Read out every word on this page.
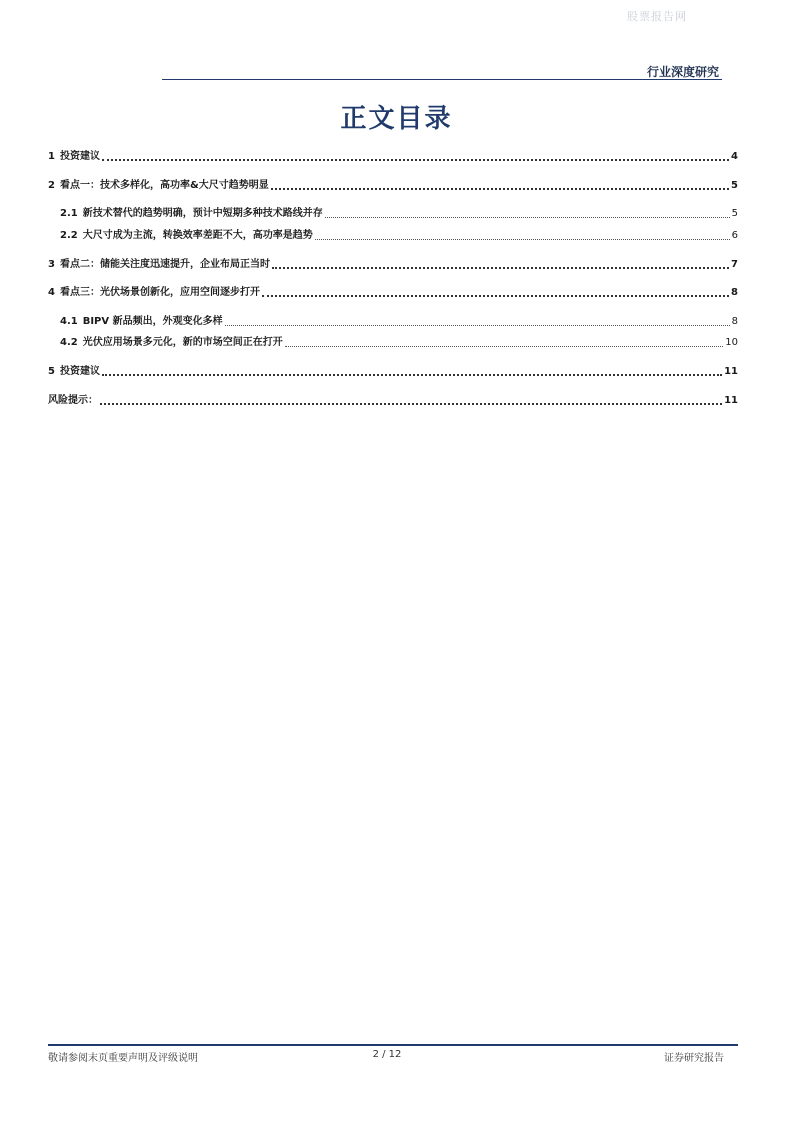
股票报告网
行业深度研究
正文目录
1 投资建议	4
2 看点一：技术多样化，高功率&大尺寸趋势明显	5
2.1 新技术替代的趋势明确，预计中短期多种技术路线并存	5
2.2 大尺寸成为主流，转换效率差距不大，高功率是趋势	6
3 看点二：储能关注度迅速提升，企业布局正当时	7
4 看点三：光伏场景创新化，应用空间逐步打开	8
4.1 BIPV 新品频出，外观变化多样	8
4.2 光伏应用场景多元化，新的市场空间正在打开	10
5 投资建议	11
风险提示：	11
敬请参阅末页重要声明及评级说明	2 / 12	证券研究报告
